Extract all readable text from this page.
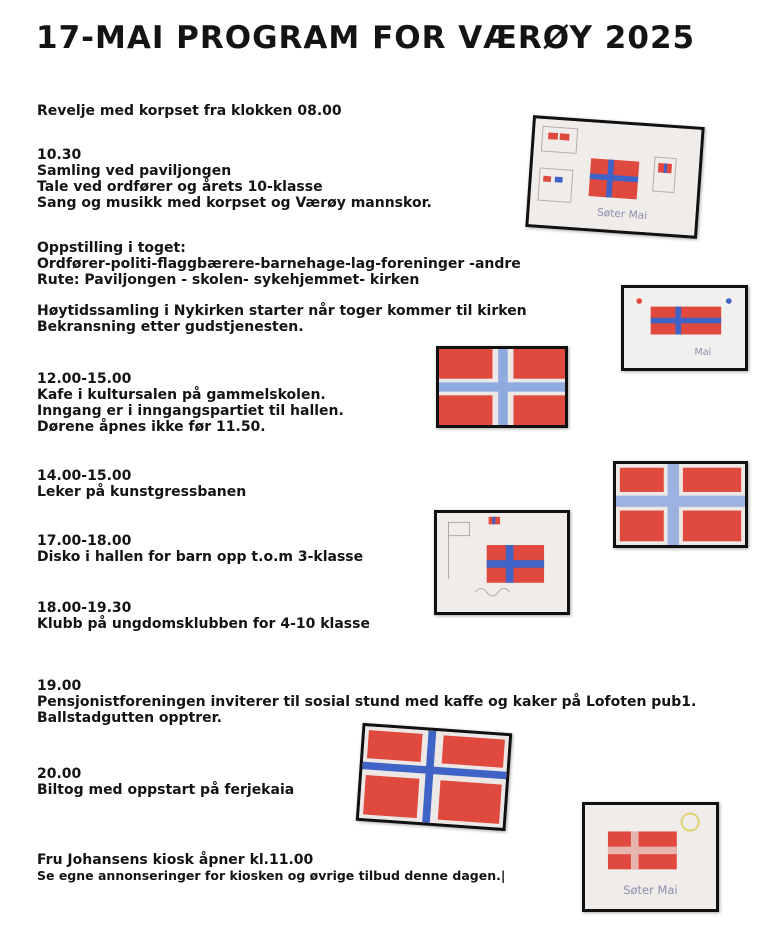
17-MAI PROGRAM FOR VÆRØY 2025
Revelje med korpset fra klokken 08.00
10.30
Samling ved paviljongen
Tale ved ordfører og årets 10-klasse
Sang og musikk med korpset og Værøy mannskor.
Oppstilling i toget:
Ordfører-politi-flaggbærere-barnehage-lag-foreninger -andre
Rute: Paviljongen - skolen- sykehjemmet- kirken
Høytidssamling i Nykirken starter når toger kommer til kirken
Bekransning etter gudstjenesten.
12.00-15.00
Kafe i kultursalen på gammelskolen.
Inngang er i inngangspartiet til hallen.
Dørene åpnes ikke før 11.50.
14.00-15.00
Leker på kunstgressbanen
17.00-18.00
Disko i hallen for barn opp t.o.m 3-klasse
18.00-19.30
Klubb på ungdomsklubben for 4-10 klasse
19.00
Pensjonistforeningen inviterer til sosial stund med kaffe og kaker på Lofoten pub1.
Ballstadgutten opptrer.
20.00
Biltog med oppstart på ferjekaia
Fru Johansens kiosk åpner kl.11.00
Se egne annonseringer for kiosken og øvrige tilbud denne dagen.|
Søter Mai
Mai
Søter Mai
